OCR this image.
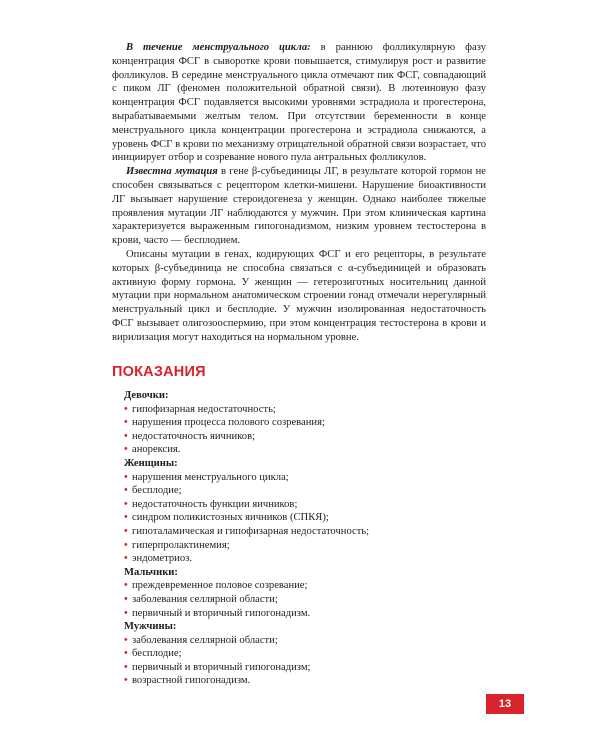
В течение менструального цикла: в раннюю фолликулярную фазу концентрация ФСГ в сыворотке крови повышается, стимулируя рост и развитие фолликулов. В середине менструального цикла отмечают пик ФСГ, совпадающий с пиком ЛГ (феномен положительной обратной связи). В лютеиновую фазу концентрация ФСГ подавляется высокими уровнями эстрадиола и прогестерона, вырабатываемыми желтым телом. При отсутствии беременности в конце менструального цикла концентрации прогестерона и эстрадиола снижаются, а уровень ФСГ в крови по механизму отрицательной обратной связи возрастает, что инициирует отбор и созревание нового пула антральных фолликулов.

Известна мутация в гене β-субъединицы ЛГ, в результате которой гормон не способен связываться с рецептором клетки-мишени. Нарушение биоактивности ЛГ вызывает нарушение стероидогенеза у женщин. Однако наиболее тяжелые проявления мутации ЛГ наблюдаются у мужчин. При этом клиническая картина характеризуется выраженным гипогонадизмом, низким уровнем тестостерона в крови, часто — бесплодием.

Описаны мутации в генах, кодирующих ФСГ и его рецепторы, в результате которых β-субъединица не способна связаться с α-субъединицей и образовать активную форму гормона. У женщин — гетерозиготных носительниц данной мутации при нормальном анатомическом строении гонад отмечали нерегулярный менструальный цикл и бесплодие. У мужчин изолированная недостаточность ФСГ вызывает олигозооспермию, при этом концентрация тестостерона в крови и вирилизация могут находиться на нормальном уровне.

ПОКАЗАНИЯ

Девочки:

• гипофизарная недостаточность;
• нарушения процесса полового созревания;
• недостаточность яичников;
• анорексия.

Женщины:

• нарушения менструального цикла;
• бесплодие;
• недостаточность функции яичников;
• синдром поликистозных яичников (СПКЯ);
• гипоталамическая и гипофизарная недостаточность;
• гиперпролактинемия;
• эндометриоз.

Мальчики:

• преждевременное половое созревание;
• заболевания селлярной области;
• первичный и вторичный гипогонадизм.

Мужчины:

• заболевания селлярной области;
• бесплодие;
• первичный и вторичный гипогонадизм;
• возрастной гипогонадизм.
13
